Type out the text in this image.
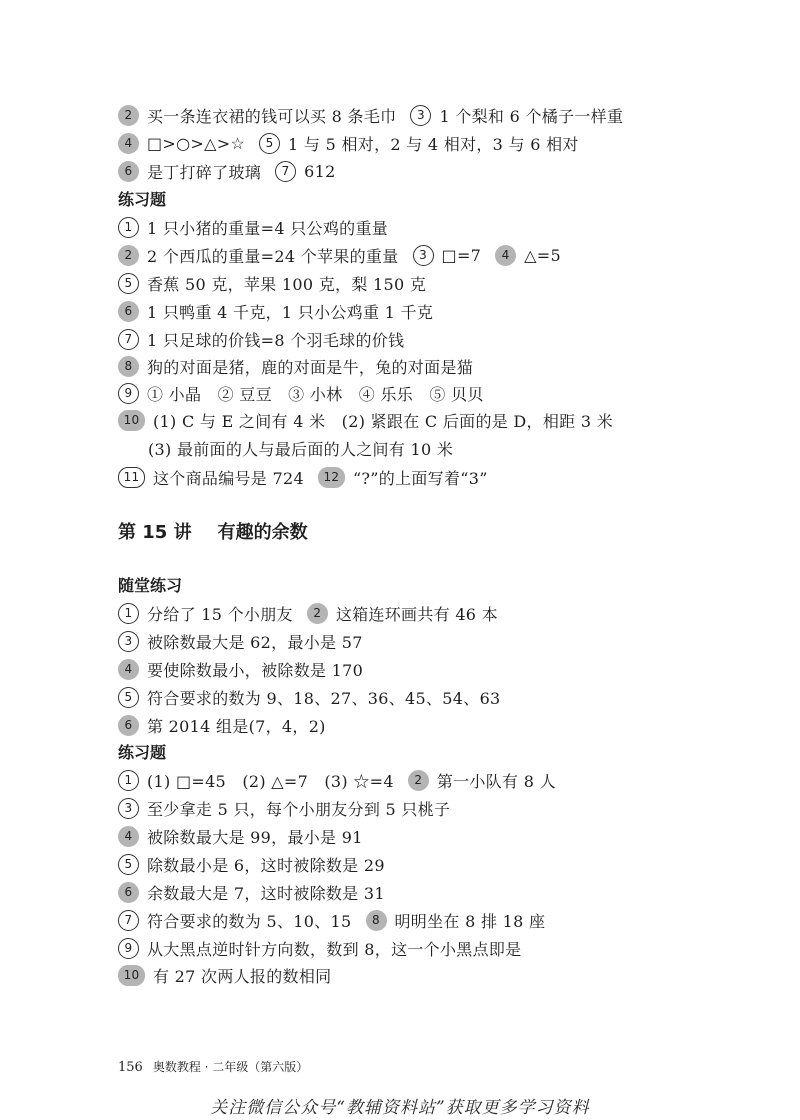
2 买一条连衣裙的钱可以买 8 条毛巾	3 1 个梨和 6 个橘子一样重
4 □>○>△>☆	5 1 与 5 相对，2 与 4 相对，3 与 6 相对
6 是丁打碎了玻璃	7 612
练习题
1 1 只小猪的重量=4 只公鸡的重量
2 2 个西瓜的重量=24 个苹果的重量	3 □=7	4 △=5
5 香蕉 50 克，苹果 100 克，梨 150 克
6 1 只鸭重 4 千克，1 只小公鸡重 1 千克
7 1 只足球的价钱=8 个羽毛球的价钱
8 狗的对面是猪，鹿的对面是牛，兔的对面是猫
9 ① 小晶　② 豆豆　③ 小林　④ 乐乐　⑤ 贝贝
10 (1) C 与 E 之间有 4 米　(2) 紧跟在 C 后面的是 D，相距 3 米
(3) 最前面的人与最后面的人之间有 10 米
11 这个商品编号是 724	12 “?”的上面写着“3”
随堂练习
1 分给了 15 个小朋友	2 这箱连环画共有 46 本
3 被除数最大是 62，最小是 57
4 要使除数最小，被除数是 170
5 符合要求的数为 9、18、27、36、45、54、63
6 第 2014 组是(7，4，2)
练习题
1 (1) □=45　(2) △=7　(3) ☆=4	2 第一小队有 8 人
3 至少拿走 5 只，每个小朋友分到 5 只桃子
4 被除数最大是 99，最小是 91
5 除数最小是 6，这时被除数是 29
6 余数最大是 7，这时被除数是 31
7 符合要求的数为 5、10、15	8 明明坐在 8 排 18 座
9 从大黑点逆时针方向数，数到 8，这一个小黑点即是
10 有 27 次两人报的数相同
第 15 讲 有趣的余数
156 奥数教程 · 二年级（第六版）
关注微信公众号“教辅资料站”获取更多学习资料
